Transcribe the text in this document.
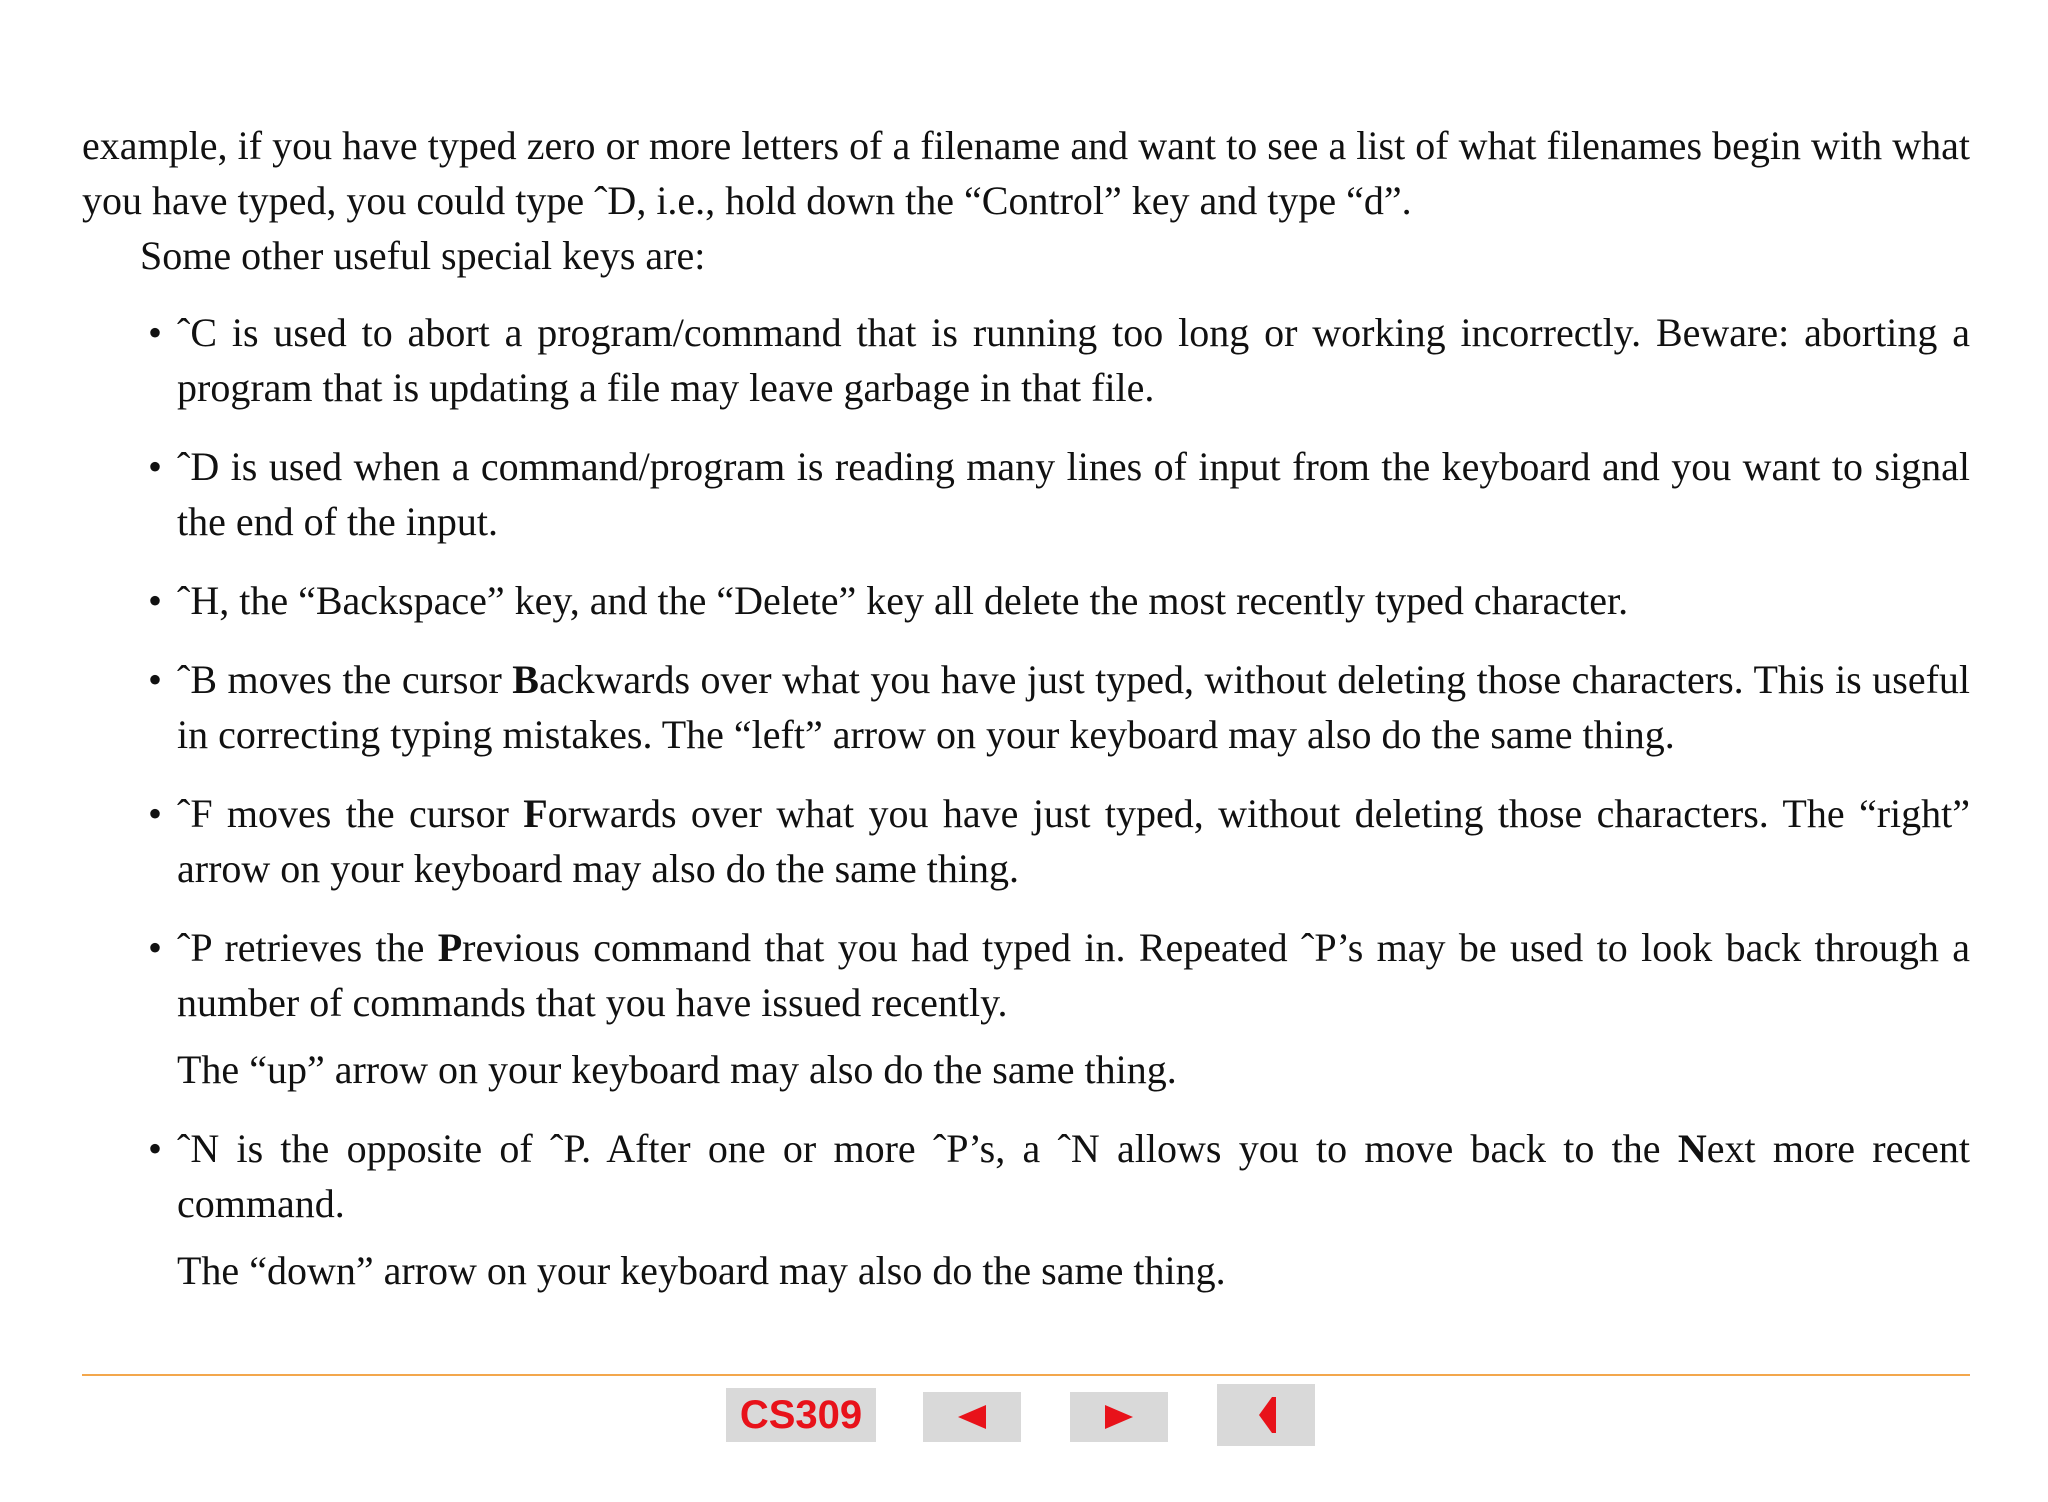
example, if you have typed zero or more letters of a filename and want to see a list of what filenames begin with what you have typed, you could type ˆD, i.e., hold down the “Control” key and type “d”.

Some other useful special keys are:

• ˆC is used to abort a program/command that is running too long or working incorrectly. Beware: aborting a program that is updating a file may leave garbage in that file.
• ˆD is used when a command/program is reading many lines of input from the keyboard and you want to signal the end of the input.
• ˆH, the “Backspace” key, and the “Delete” key all delete the most recently typed character.
• ˆB moves the cursor Backwards over what you have just typed, without deleting those characters. This is useful in correcting typing mistakes. The “left” arrow on your keyboard may also do the same thing.
• ˆF moves the cursor Forwards over what you have just typed, without deleting those characters. The “right” arrow on your keyboard may also do the same thing.
• ˆP retrieves the Previous command that you had typed in. Repeated ˆP’s may be used to look back through a number of commands that you have issued recently.
The “up” arrow on your keyboard may also do the same thing.
• ˆN is the opposite of ˆP. After one or more ˆP’s, a ˆN allows you to move back to the Next more recent command.
The “down” arrow on your keyboard may also do the same thing.
CS309
